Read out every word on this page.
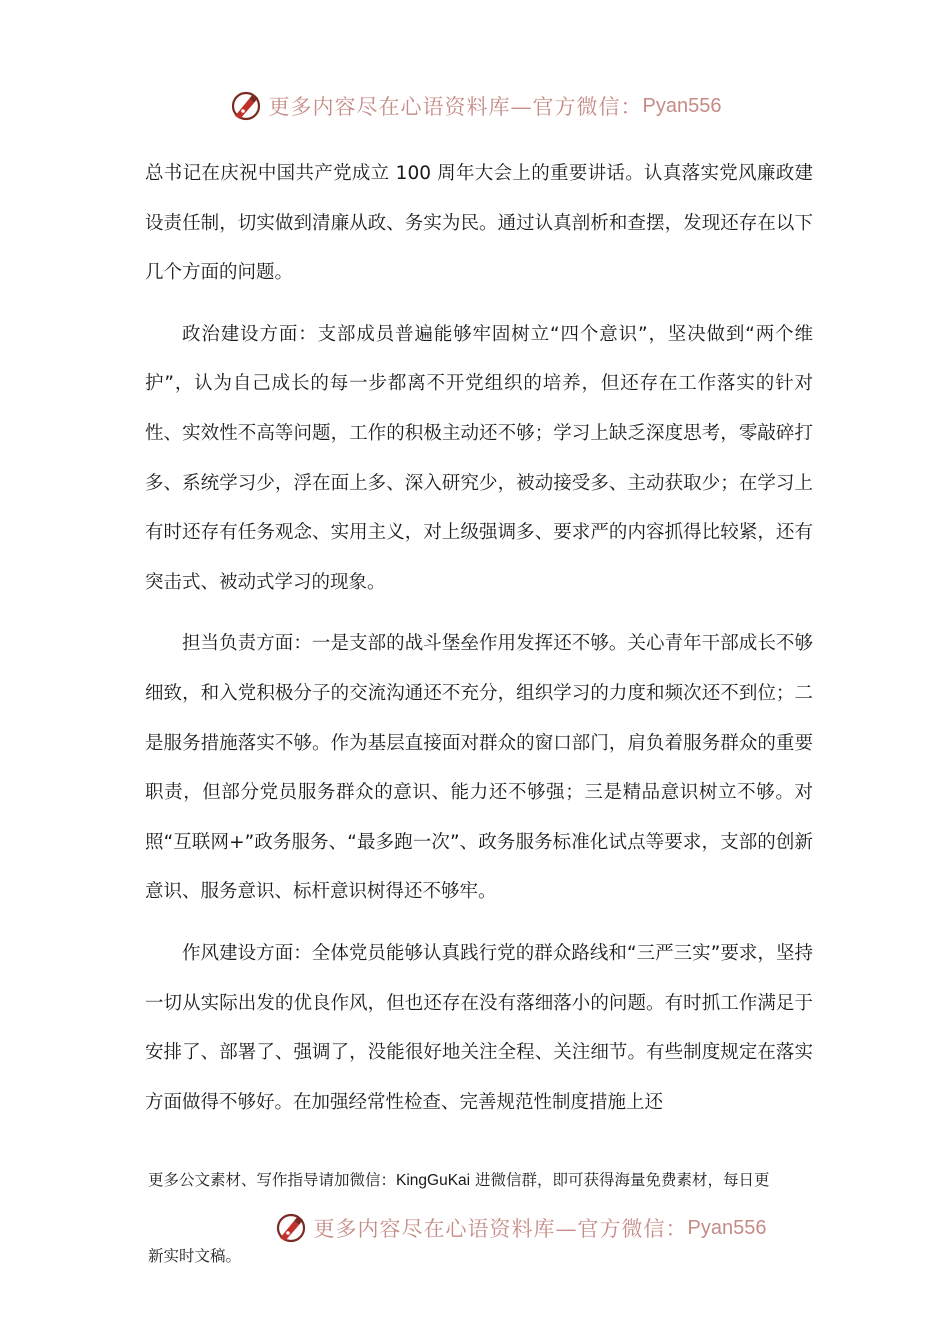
更多内容尽在心语资料库—官方微信： Pyan556

总书记在庆祝中国共产党成立 100 周年大会上的重要讲话。认真落实党风廉政建设责任制，切实做到清廉从政、务实为民。通过认真剖析和查摆，发现还存在以下几个方面的问题。

政治建设方面：支部成员普遍能够牢固树立“四个意识”，坚决做到“两个维护”，认为自己成长的每一步都离不开党组织的培养，但还存在工作落实的针对性、实效性不高等问题，工作的积极主动还不够；学习上缺乏深度思考，零敲碎打多、系统学习少，浮在面上多、深入研究少，被动接受多、主动获取少；在学习上有时还存有任务观念、实用主义，对上级强调多、要求严的内容抓得比较紧，还有突击式、被动式学习的现象。

担当负责方面：一是支部的战斗堡垒作用发挥还不够。关心青年干部成长不够细致，和入党积极分子的交流沟通还不充分，组织学习的力度和频次还不到位；二是服务措施落实不够。作为基层直接面对群众的窗口部门，肩负着服务群众的重要职责，但部分党员服务群众的意识、能力还不够强；三是精品意识树立不够。对照“互联网+”政务服务、“最多跑一次”、政务服务标准化试点等要求，支部的创新意识、服务意识、标杆意识树得还不够牢。

作风建设方面：全体党员能够认真践行党的群众路线和“三严三实”要求，坚持一切从实际出发的优良作风，但也还存在没有落细落小的问题。有时抓工作满足于安排了、部署了、强调了，没能很好地关注全程、关注细节。有些制度规定在落实方面做得不够好。在加强经常性检查、完善规范性制度措施上还

更多公文素材、写作指导请加微信：KingGuKai 进微信群，即可获得海量免费素材，每日更
更多内容尽在心语资料库—官方微信： Pyan556
新实时文稿。
